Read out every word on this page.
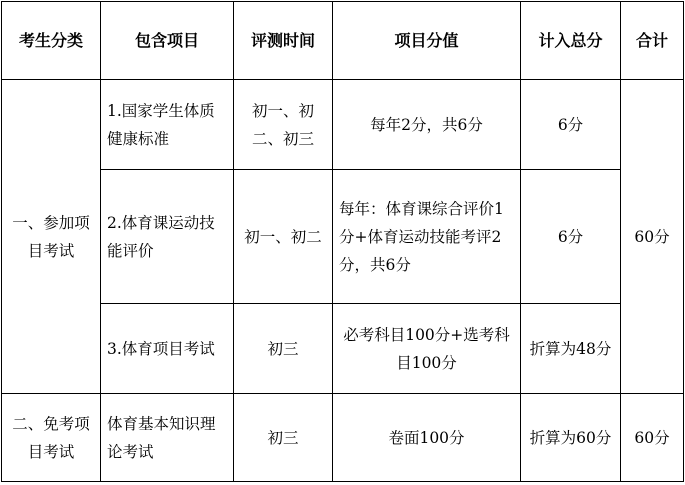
考生分类	包含项目	评测时间	项目分值	计入总分	合计

一、参加项目考试	1.国家学生体质健康标准	初一、初二、初三	每年2分，共6分	6分	60分

	2.体育课运动技能评价	初一、初二	每年：体育课综合评价1分+体育运动技能考评2分，共6分	6分	

	3.体育项目考试	初三	必考科目100分+选考科目100分	折算为48分	

二、免考项目考试	体育基本知识理论考试	初三	卷面100分	折算为60分	60分
